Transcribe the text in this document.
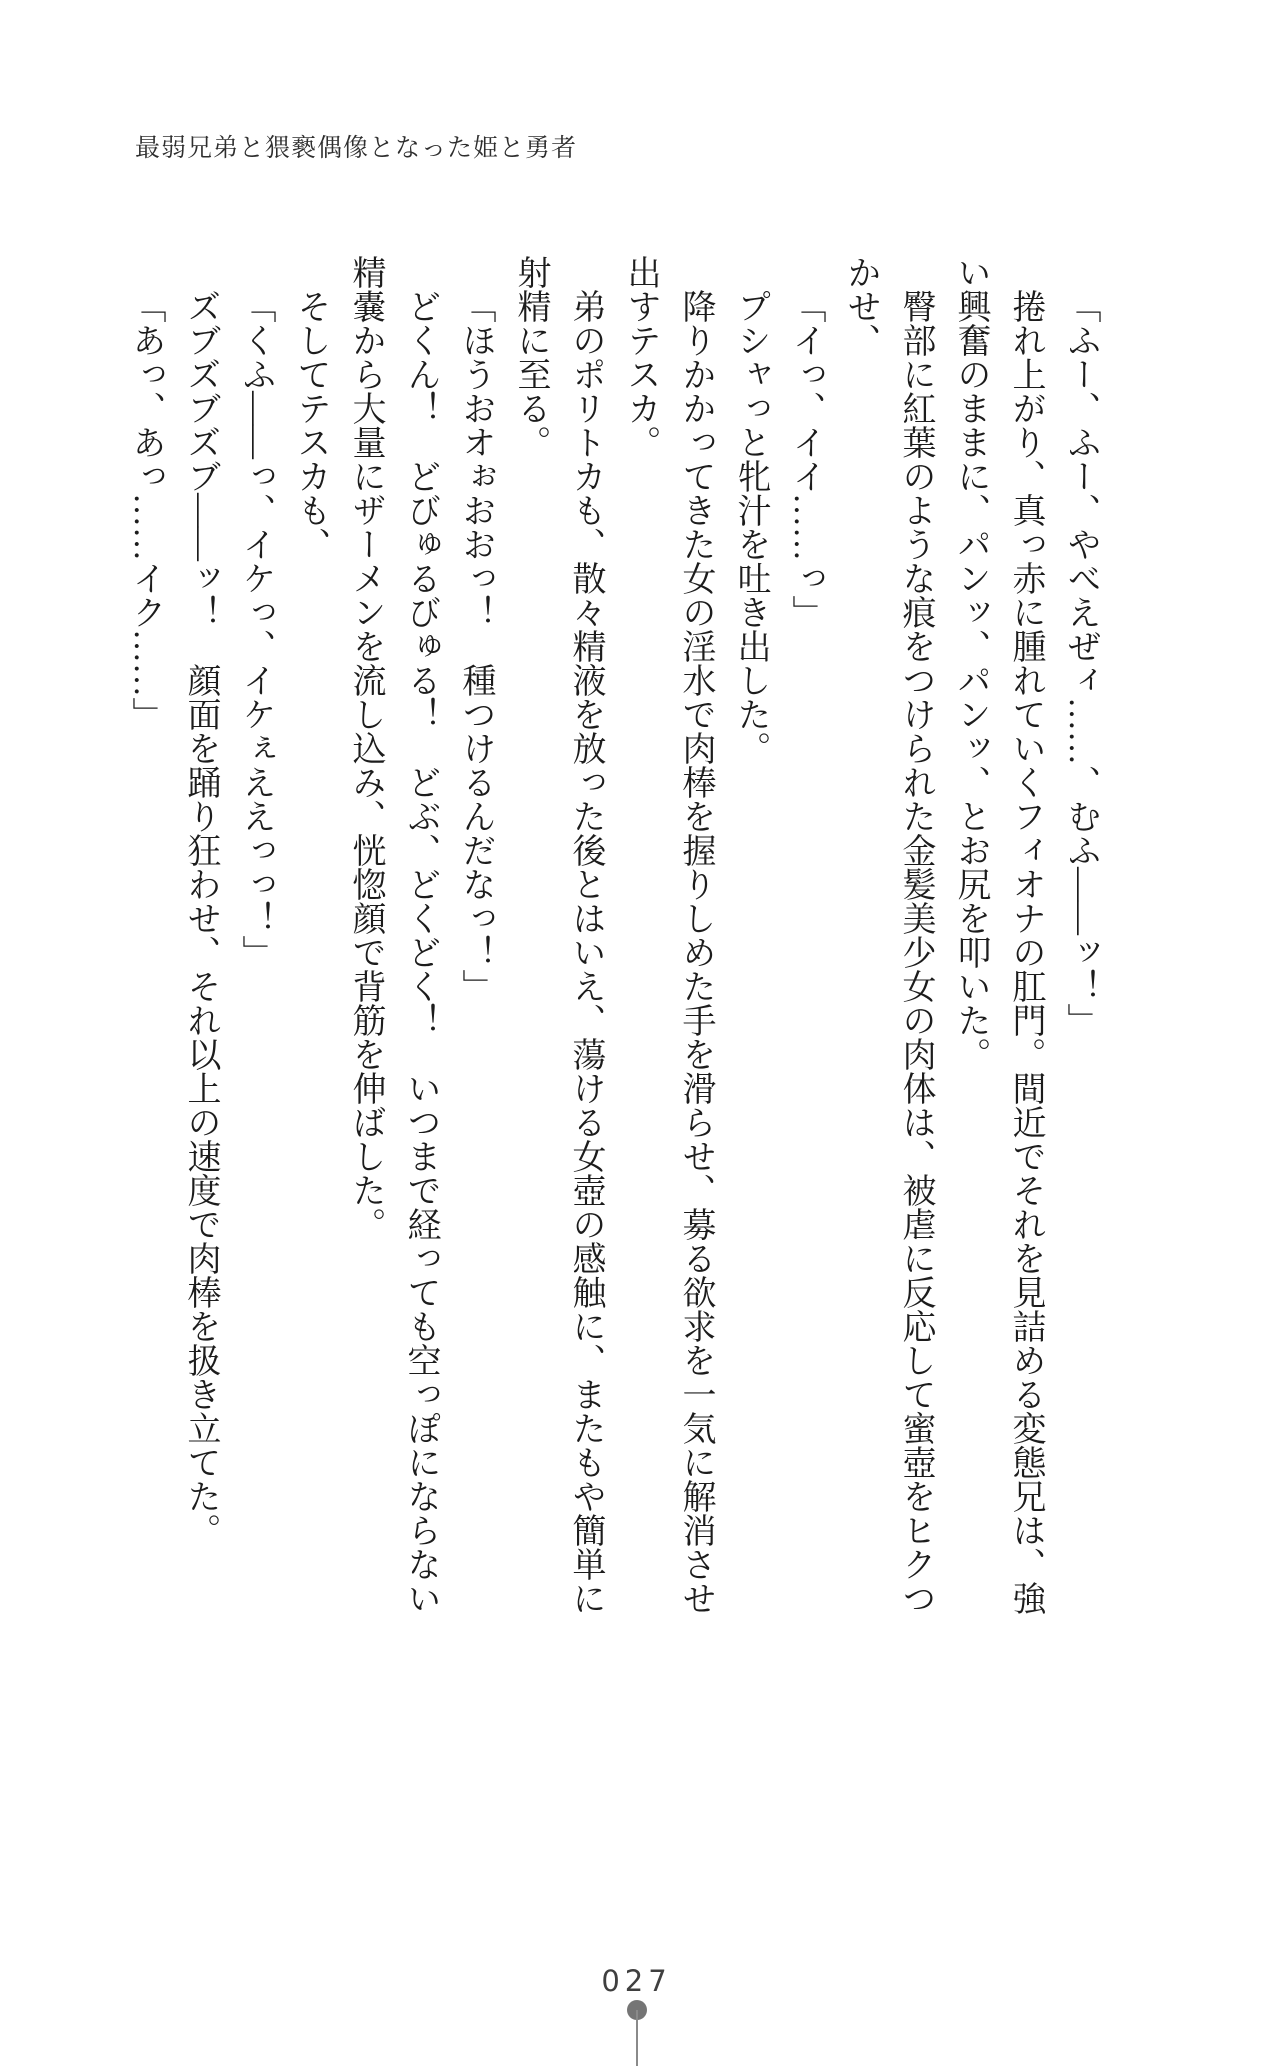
最弱兄弟と猥褻偶像となった姫と勇者

「ふー、ふー、やべえぜィ……、むふ――ッ！」

捲れ上がり、真っ赤に腫れていくフィオナの肛門。間近でそれを見詰める変態兄は、強い興奮のままに、パンッ、パンッ、とお尻を叩いた。

臀部に紅葉のような痕をつけられた金髪美少女の肉体は、被虐に反応して蜜壺をヒクつかせ、

「イっ、イイ……っ」

プシャっと牝汁を吐き出した。

降りかかってきた女の淫水で肉棒を握りしめた手を滑らせ、募る欲求を一気に解消させ出すテスカ。

弟のポリトカも、散々精液を放った後とはいえ、蕩ける女壺の感触に、またもや簡単に射精に至る。

「ほうおオぉおおっ！　種つけるんだなっ！」

どくん！　どびゅるびゅる！　どぶ、どくどく！　いつまで経っても空っぽにならない精嚢から大量にザーメンを流し込み、恍惚顔で背筋を伸ばした。

そしてテスカも、

「くふ――っ、イケっ、イケぇええっっ！」

ズブズブズブ――ッ！　顔面を踊り狂わせ、それ以上の速度で肉棒を扱き立てた。

「あっ、あっ……イク……」

027
